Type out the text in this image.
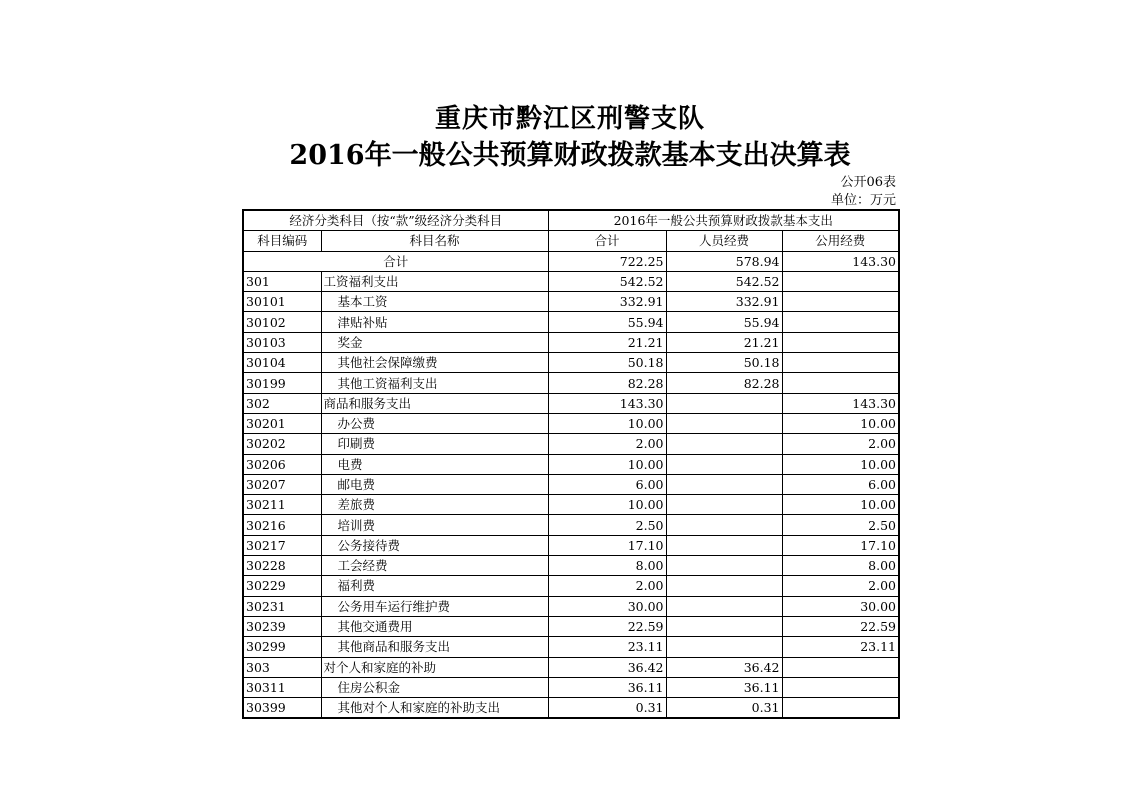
重庆市黔江区刑警支队
2016年一般公共预算财政拨款基本支出决算表
公开06表
单位：万元
经济分类科目（按“款”级经济分类科目		2016年一般公共预算财政拨款基本支出		
科目编码	科目名称	合计	人员经费	公用经费
合计		722.25	578.94	143.30
301	工资福利支出	542.52	542.52	
30101	基本工资	332.91	332.91	
30102	津贴补贴	55.94	55.94	
30103	奖金	21.21	21.21	
30104	其他社会保障缴费	50.18	50.18	
30199	其他工资福利支出	82.28	82.28	
302	商品和服务支出	143.30		143.30
30201	办公费	10.00		10.00
30202	印刷费	2.00		2.00
30206	电费	10.00		10.00
30207	邮电费	6.00		6.00
30211	差旅费	10.00		10.00
30216	培训费	2.50		2.50
30217	公务接待费	17.10		17.10
30228	工会经费	8.00		8.00
30229	福利费	2.00		2.00
30231	公务用车运行维护费	30.00		30.00
30239	其他交通费用	22.59		22.59
30299	其他商品和服务支出	23.11		23.11
303	对个人和家庭的补助	36.42	36.42	
30311	住房公积金	36.11	36.11	
30399	其他对个人和家庭的补助支出	0.31	0.31	
